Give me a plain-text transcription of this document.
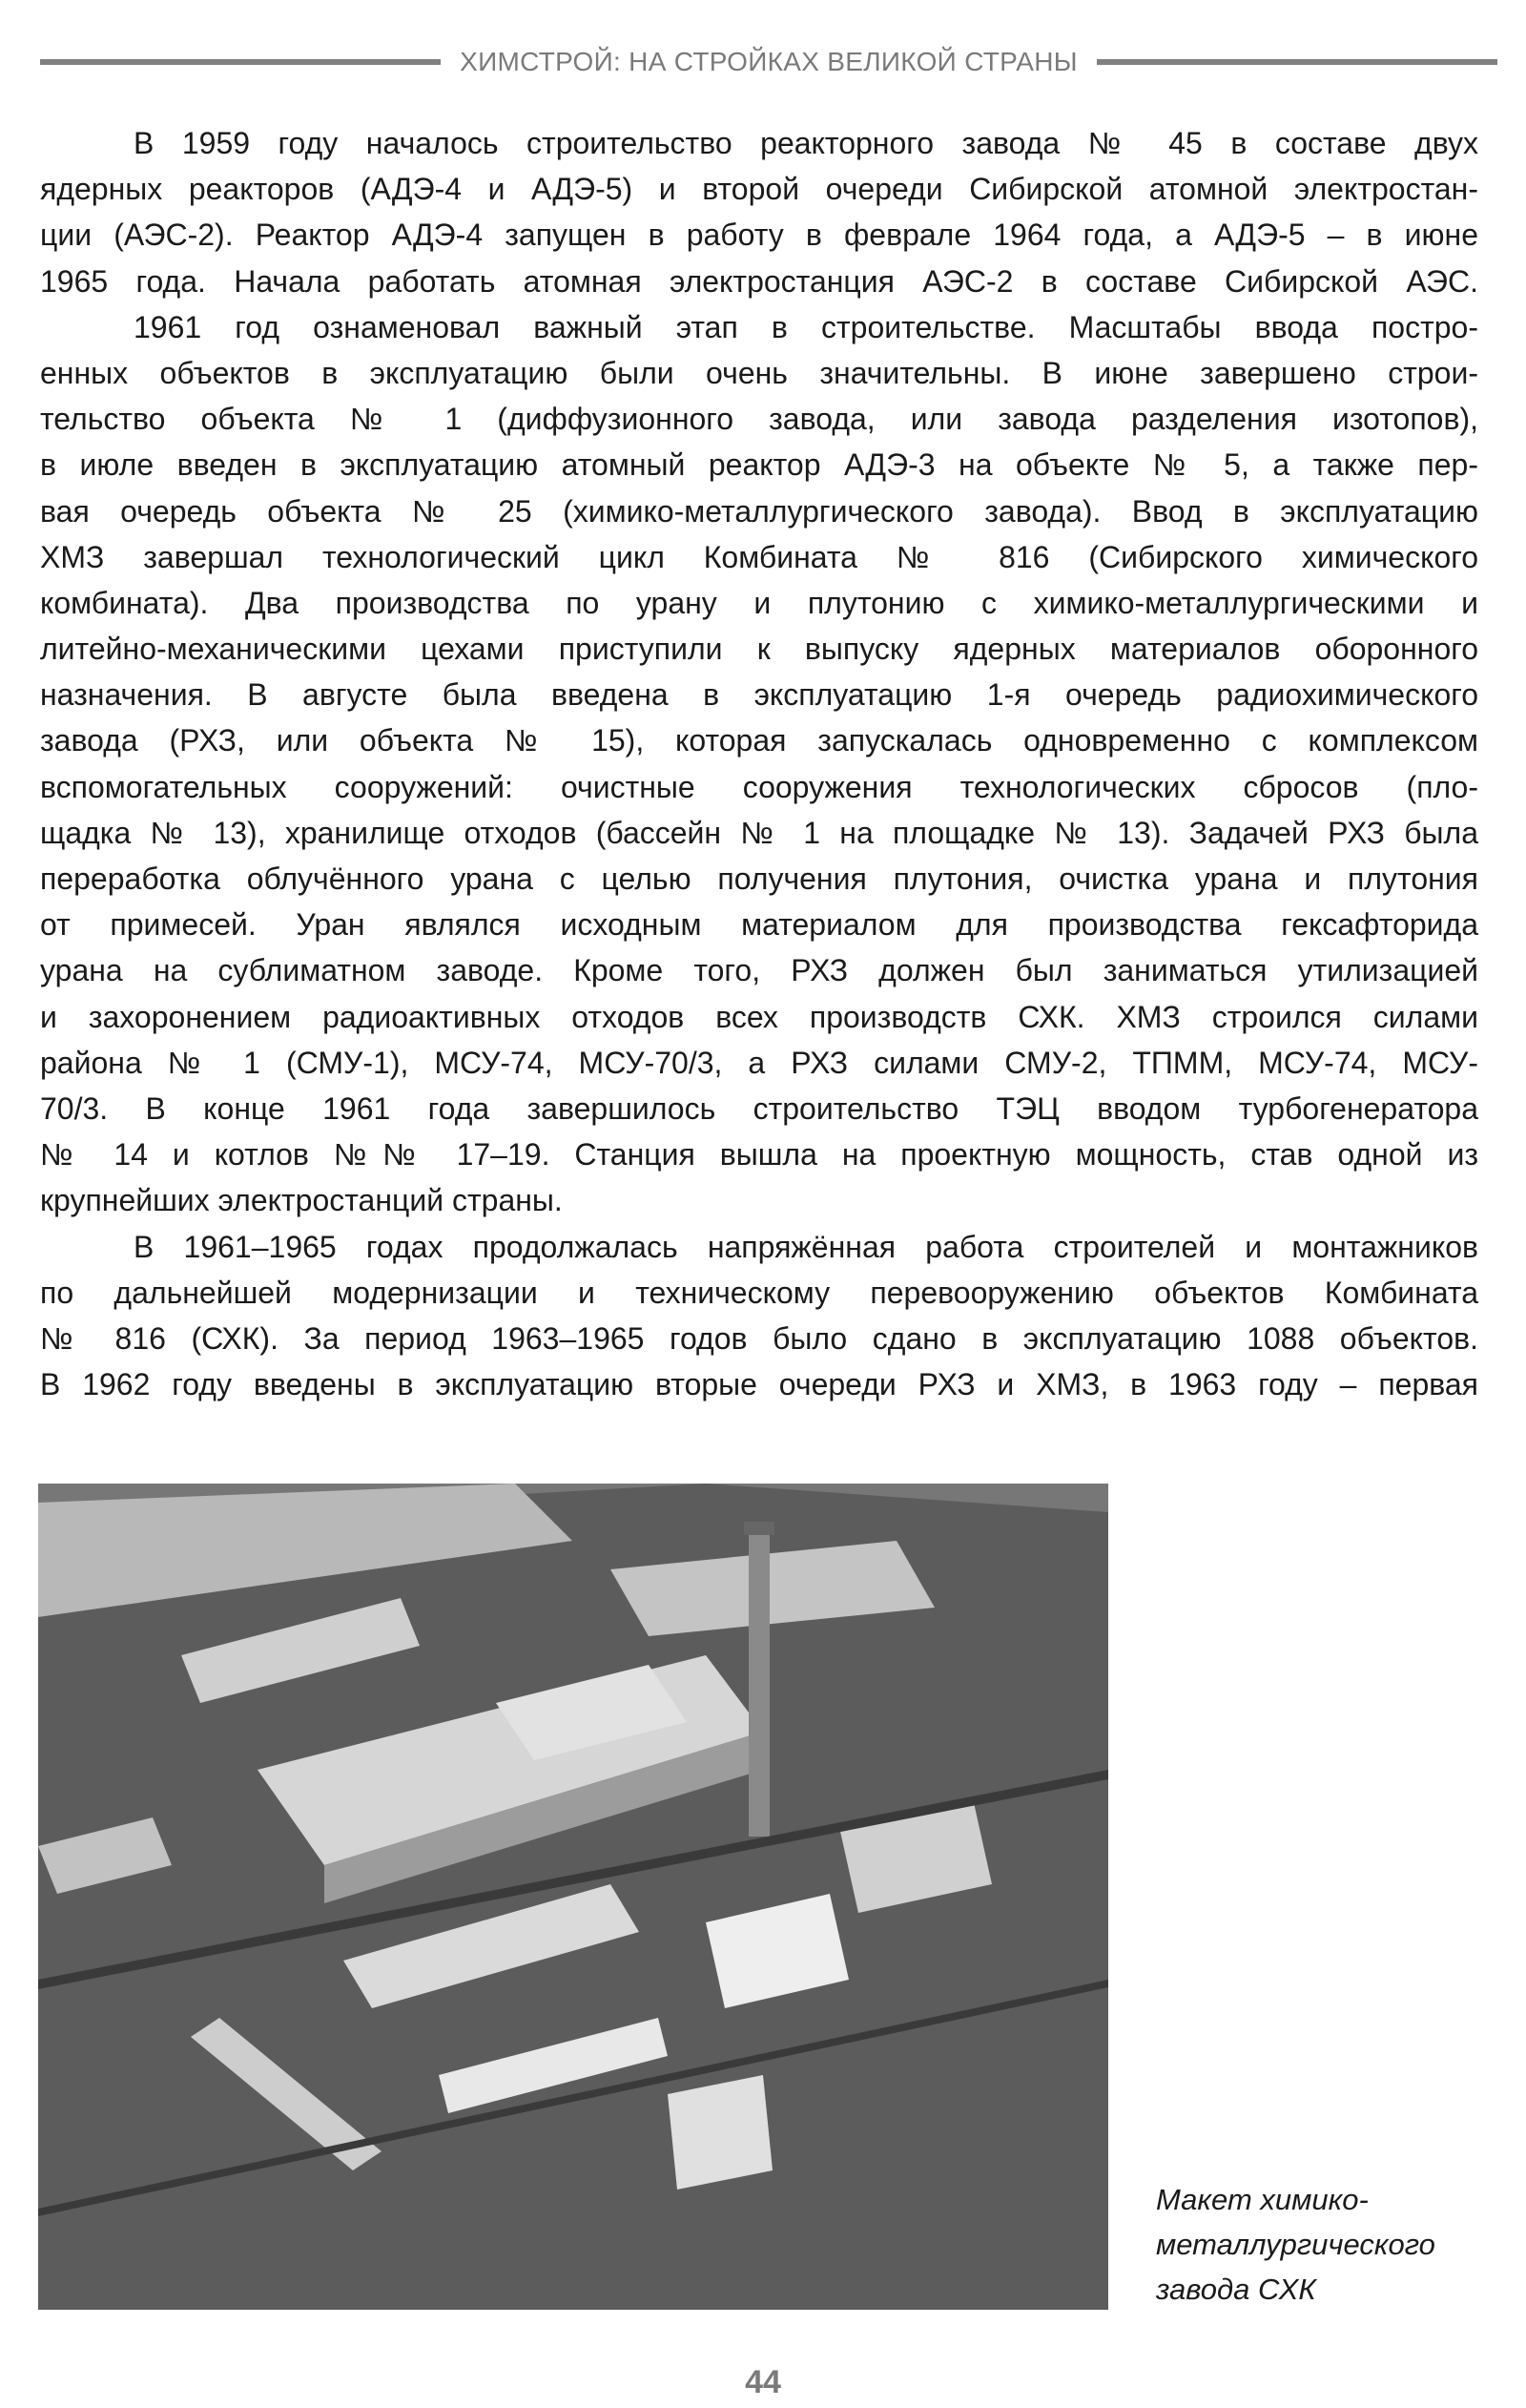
ХИМСТРОЙ: НА СТРОЙКАХ ВЕЛИКОЙ СТРАНЫ
В 1959 году началось строительство реакторного завода № 45 в составе двух
ядерных реакторов (АДЭ-4 и АДЭ-5) и второй очереди Сибирской атомной электростан-
ции (АЭС-2). Реактор АДЭ-4 запущен в работу в феврале 1964 года, а АДЭ-5 – в июне
1965 года. Начала работать атомная электростанция АЭС-2 в составе Сибирской АЭС.
1961 год ознаменовал важный этап в строительстве. Масштабы ввода постро-
енных объектов в эксплуатацию были очень значительны. В июне завершено строи-
тельство объекта № 1 (диффузионного завода, или завода разделения изотопов),
в июле введен в эксплуатацию атомный реактор АДЭ-3 на объекте № 5, а также пер-
вая очередь объекта № 25 (химико-металлургического завода). Ввод в эксплуатацию
ХМЗ завершал технологический цикл Комбината № 816 (Сибирского химического
комбината). Два производства по урану и плутонию с химико-металлургическими и
литейно-механическими цехами приступили к выпуску ядерных материалов оборонного
назначения. В августе была введена в эксплуатацию 1-я очередь радиохимического
завода (РХЗ, или объекта № 15), которая запускалась одновременно с комплексом
вспомогательных сооружений: очистные сооружения технологических сбросов (пло-
щадка № 13), хранилище отходов (бассейн № 1 на площадке № 13). Задачей РХЗ была
переработка облучённого урана с целью получения плутония, очистка урана и плутония
от примесей. Уран являлся исходным материалом для производства гексафторида
урана на сублиматном заводе. Кроме того, РХЗ должен был заниматься утилизацией
и захоронением радиоактивных отходов всех производств СХК. ХМЗ строился силами
района № 1 (СМУ-1), МСУ-74, МСУ-70/3, а РХЗ силами СМУ-2, ТПММ, МСУ-74, МСУ-
70/3. В конце 1961 года завершилось строительство ТЭЦ вводом турбогенератора
№ 14 и котлов №№ 17–19. Станция вышла на проектную мощность, став одной из
крупнейших электростанций страны.
В 1961–1965 годах продолжалась напряжённая работа строителей и монтажников
по дальнейшей модернизации и техническому перевооружению объектов Комбината
№ 816 (СХК). За период 1963–1965 годов было сдано в эксплуатацию 1088 объектов.
В 1962 году введены в эксплуатацию вторые очереди РХЗ и ХМЗ, в 1963 году – первая
Макет химико-
металлургического
завода СХК
44
